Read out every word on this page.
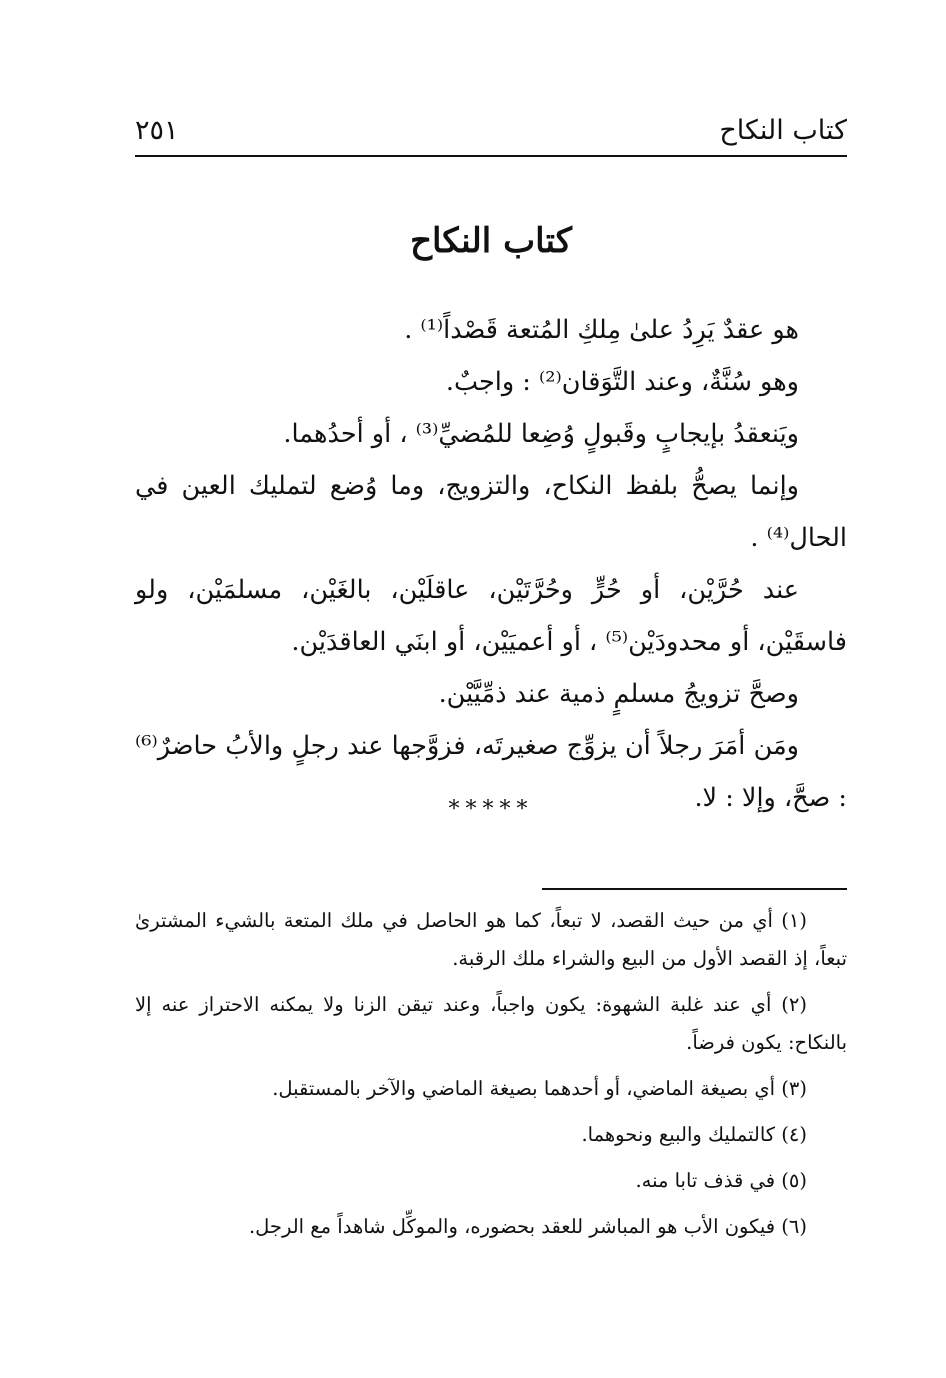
كتاب النكاح
٢٥١
كتاب النكاح

هو عقدٌ يَرِدُ علىٰ مِلكِ المُتعة قَصْداً⁽¹⁾ .

وهو سُنَّةٌ، وعند التَّوَقان⁽²⁾ : واجبٌ.

ويَنعقدُ بإيجابٍ وقَبولٍ وُضِعا للمُضيِّ⁽³⁾ ، أو أحدُهما.

وإنما يصحُّ بلفظ النكاح، والتزويج، وما وُضع لتمليك العين في الحال⁽⁴⁾ .

عند حُرَّيْن، أو حُرٍّ وحُرَّتَيْن، عاقلَيْن، بالغَيْن، مسلمَيْن، ولو فاسقَيْن، أو محدودَيْن⁽⁵⁾ ، أو أعميَيْن، أو ابنَي العاقدَيْن.

وصحَّ تزويجُ مسلمٍ ذمية عند ذمِّيَّيْن.

ومَن أمَرَ رجلاً أن يزوِّج صغيرتَه، فزوَّجها عند رجلٍ والأبُ حاضرٌ⁽⁶⁾ : صحَّ، وإلا : لا.

*****

(١) أي من حيث القصد، لا تبعاً، كما هو الحاصل في ملك المتعة بالشيء المشترىٰ تبعاً، إذ القصد الأول من البيع والشراء ملك الرقبة.

(٢) أي عند غلبة الشهوة: يكون واجباً، وعند تيقن الزنا ولا يمكنه الاحتراز عنه إلا بالنكاح: يكون فرضاً.

(٣) أي بصيغة الماضي، أو أحدهما بصيغة الماضي والآخر بالمستقبل.

(٤) كالتمليك والبيع ونحوهما.

(٥) في قذف تابا منه.

(٦) فيكون الأب هو المباشر للعقد بحضوره، والموكِّل شاهداً مع الرجل.
